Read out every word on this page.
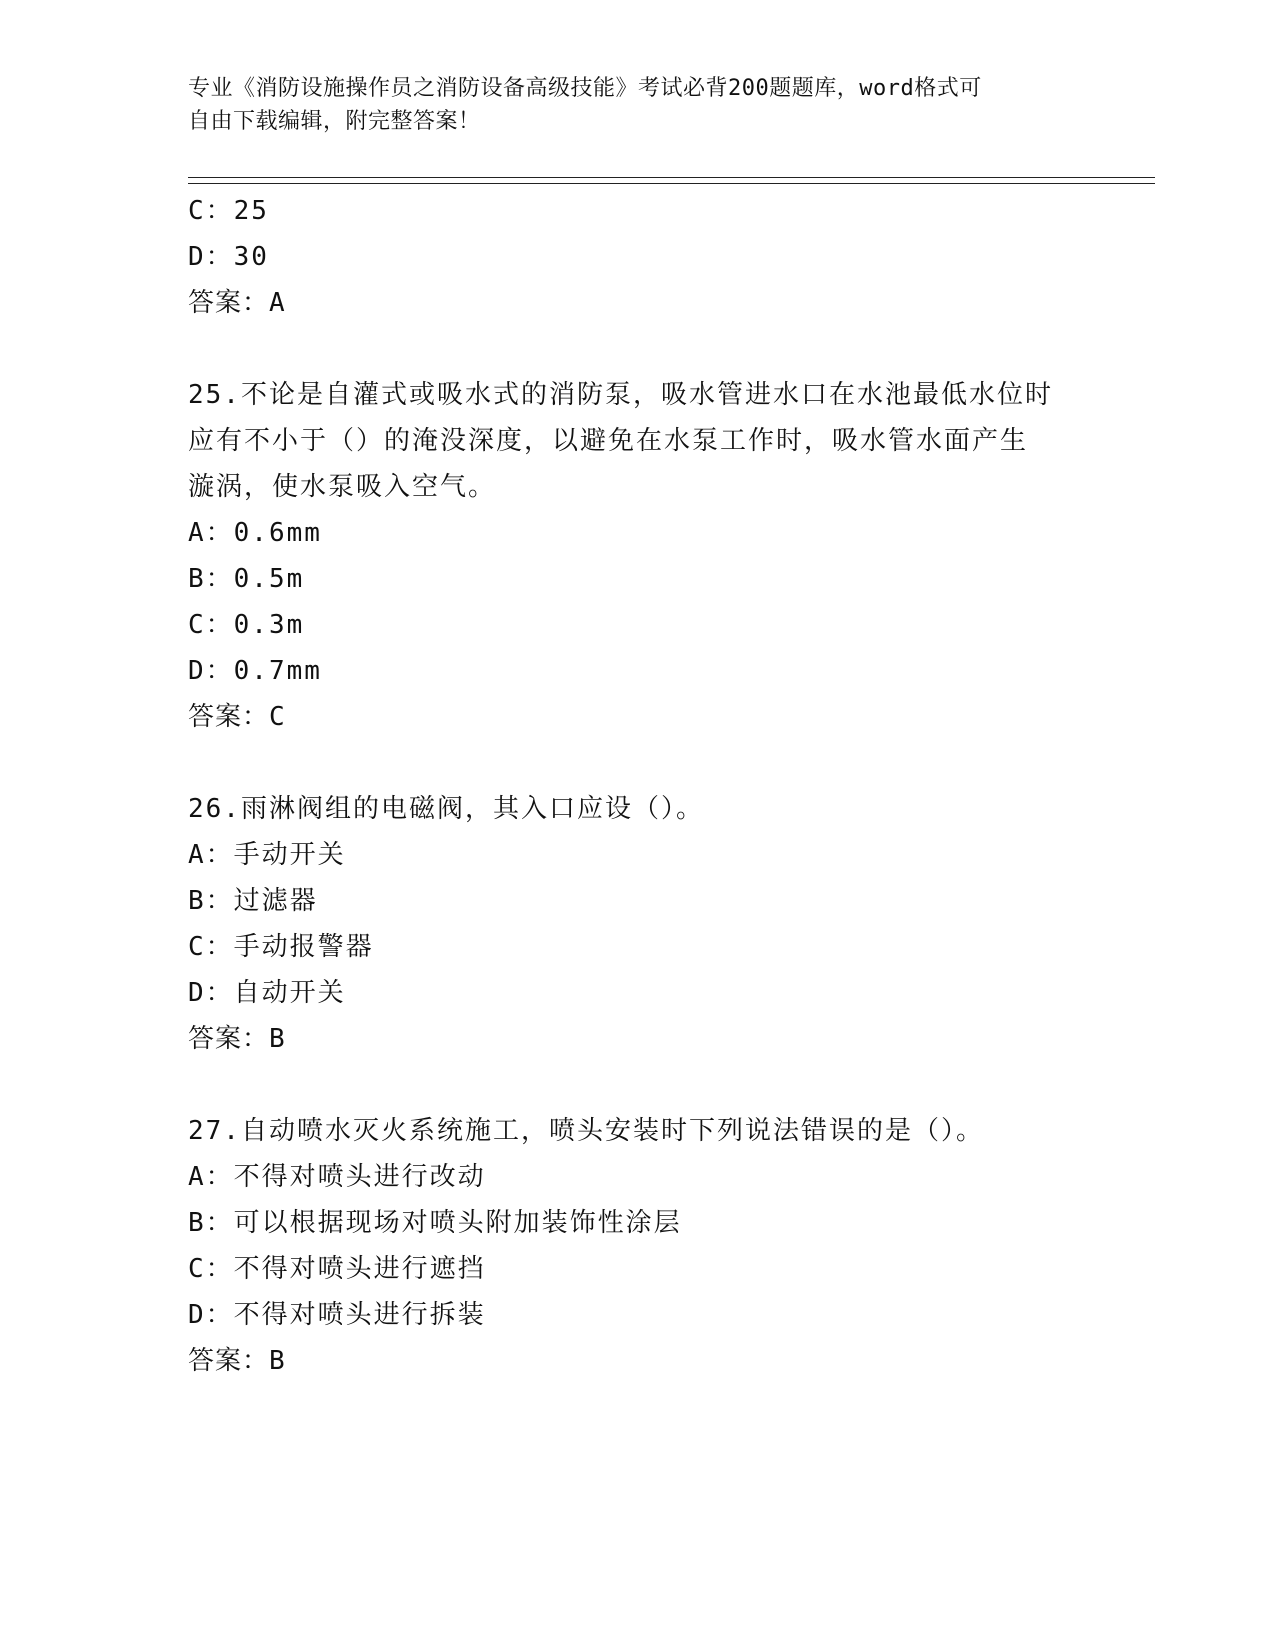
专业《消防设施操作员之消防设备高级技能》考试必背200题题库，word格式可
自由下载编辑，附完整答案！
C：25
D：30
答案：A
25.不论是自灌式或吸水式的消防泵，吸水管进水口在水池最低水位时
应有不小于（）的淹没深度，以避免在水泵工作时，吸水管水面产生
漩涡，使水泵吸入空气。
A：0.6mm
B：0.5m
C：0.3m
D：0.7mm
答案：C
26.雨淋阀组的电磁阀，其入口应设（）。
A：手动开关
B：过滤器
C：手动报警器
D：自动开关
答案：B
27.自动喷水灭火系统施工，喷头安装时下列说法错误的是（）。
A：不得对喷头进行改动
B：可以根据现场对喷头附加装饰性涂层
C：不得对喷头进行遮挡
D：不得对喷头进行拆装
答案：B
